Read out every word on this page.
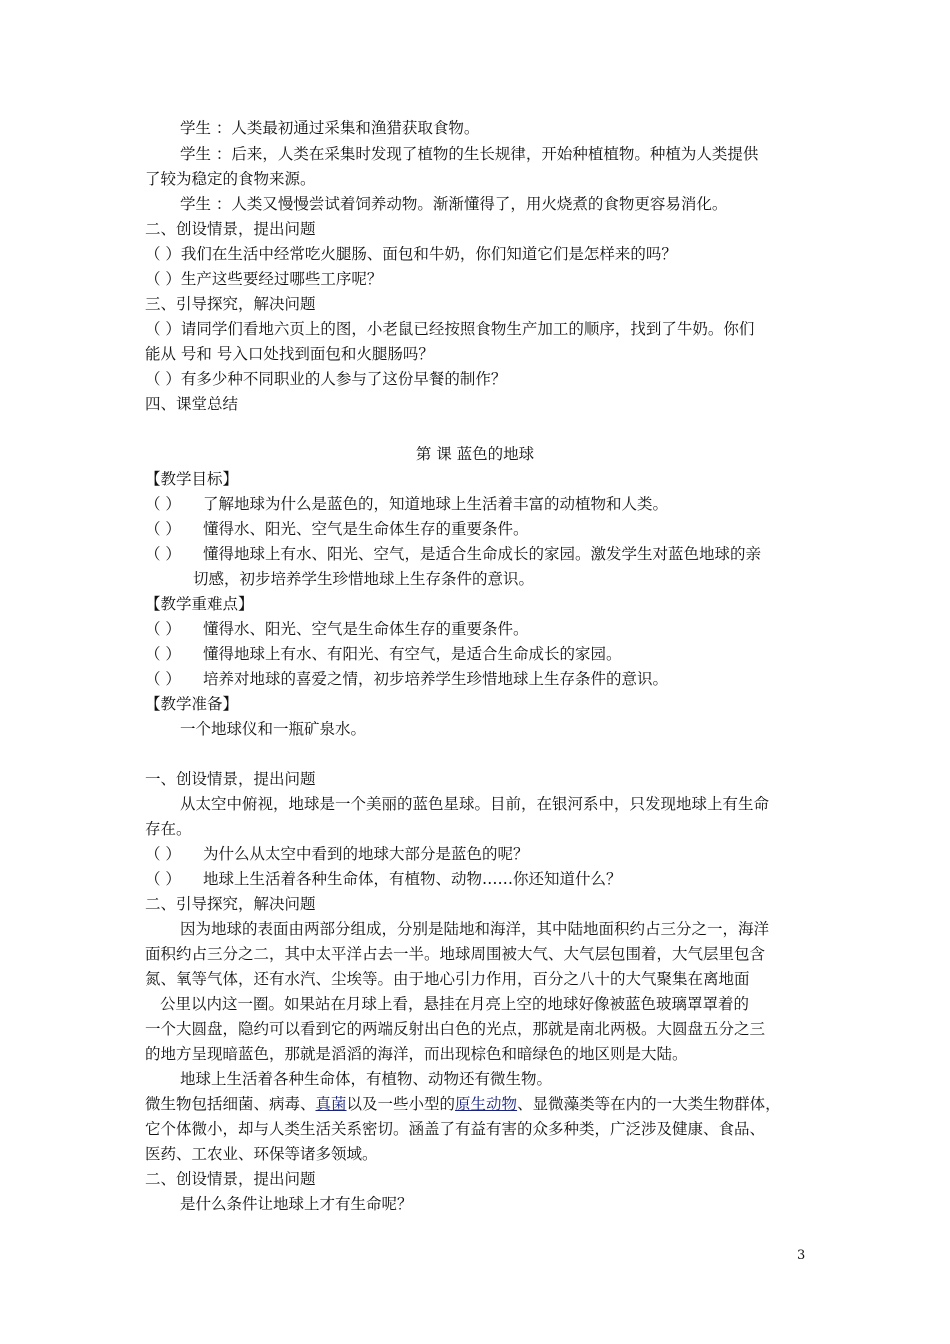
学生 ：人类最初通过采集和渔猎获取食物。
学生 ：后来，人类在采集时发现了植物的生长规律，开始种植植物。种植为人类提供
了较为稳定的食物来源。
学生 ：人类又慢慢尝试着饲养动物。渐渐懂得了，用火烧煮的食物更容易消化。
二、创设情景，提出问题
（ ）我们在生活中经常吃火腿肠、面包和牛奶，你们知道它们是怎样来的吗？
（ ）生产这些要经过哪些工序呢？
三、引导探究，解决问题
（ ）请同学们看地六页上的图，小老鼠已经按照食物生产加工的顺序，找到了牛奶。你们
能从 号和 号入口处找到面包和火腿肠吗？
（ ）有多少种不同职业的人参与了这份早餐的制作？
四、课堂总结
第 课 蓝色的地球
【教学目标】
（ ） 了解地球为什么是蓝色的，知道地球上生活着丰富的动植物和人类。
（ ） 懂得水、阳光、空气是生命体生存的重要条件。
（ ） 懂得地球上有水、阳光、空气，是适合生命成长的家园。激发学生对蓝色地球的亲
切感，初步培养学生珍惜地球上生存条件的意识。
【教学重难点】
（ ） 懂得水、阳光、空气是生命体生存的重要条件。
（ ） 懂得地球上有水、有阳光、有空气，是适合生命成长的家园。
（ ） 培养对地球的喜爱之情，初步培养学生珍惜地球上生存条件的意识。
【教学准备】
一个地球仪和一瓶矿泉水。
一、创设情景，提出问题
从太空中俯视，地球是一个美丽的蓝色星球。目前，在银河系中，只发现地球上有生命
存在。
（ ） 为什么从太空中看到的地球大部分是蓝色的呢？
（ ） 地球上生活着各种生命体，有植物、动物……你还知道什么？
二、引导探究，解决问题
因为地球的表面由两部分组成，分别是陆地和海洋，其中陆地面积约占三分之一，海洋
面积约占三分之二，其中太平洋占去一半。地球周围被大气、大气层包围着，大气层里包含
氮、氧等气体，还有水汽、尘埃等。由于地心引力作用，百分之八十的大气聚集在离地面
公里以内这一圈。如果站在月球上看，悬挂在月亮上空的地球好像被蓝色玻璃罩罩着的
一个大圆盘，隐约可以看到它的两端反射出白色的光点，那就是南北两极。大圆盘五分之三
的地方呈现暗蓝色，那就是滔滔的海洋，而出现棕色和暗绿色的地区则是大陆。
地球上生活着各种生命体，有植物、动物还有微生物。
微生物包括细菌、病毒、真菌以及一些小型的原生动物、显微藻类等在内的一大类生物群体，
它个体微小，却与人类生活关系密切。涵盖了有益有害的众多种类，广泛涉及健康、食品、
医药、工农业、环保等诸多领域。
二、创设情景，提出问题
是什么条件让地球上才有生命呢？
3
